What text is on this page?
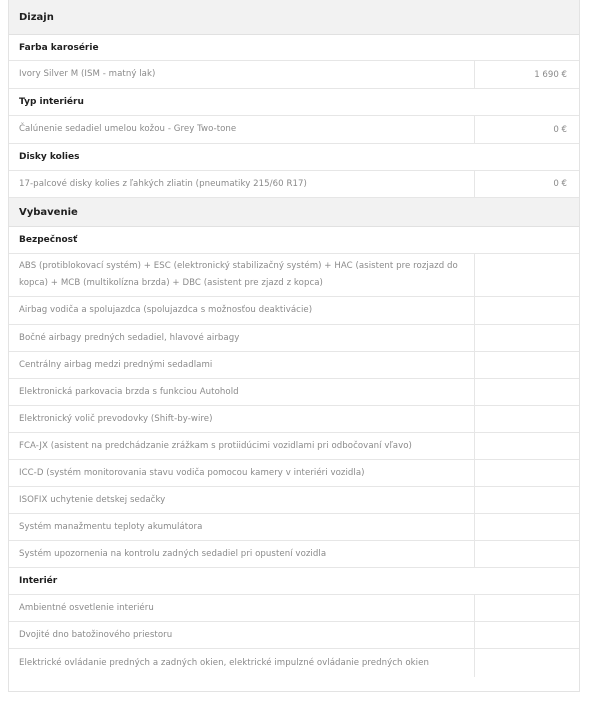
Dizajn
Farba karosérie
Ivory Silver M (ISM - matný lak)	1 690 €
Typ interiéru
Čalúnenie sedadiel umelou kožou - Grey Two-tone	0 €
Disky kolies
17-palcové disky kolies z ľahkých zliatin (pneumatiky 215/60 R17)	0 €
Vybavenie
Bezpečnosť
ABS (protiblokovací systém) + ESC (elektronický stabilizačný systém) + HAC (asistent pre rozjazd do kopca) + MCB (multikolízna brzda) + DBC (asistent pre zjazd z kopca)
Airbag vodiča a spolujazdca (spolujazdca s možnosťou deaktivácie)
Bočné airbagy predných sedadiel, hlavové airbagy
Centrálny airbag medzi prednými sedadlami
Elektronická parkovacia brzda s funkciou Autohold
Elektronický volič prevodovky (Shift-by-wire)
FCA-JX (asistent na predchádzanie zrážkam s protiidúcimi vozidlami pri odbočovaní vľavo)
ICC-D (systém monitorovania stavu vodiča pomocou kamery v interiéri vozidla)
ISOFIX uchytenie detskej sedačky
Systém manažmentu teploty akumulátora
Systém upozornenia na kontrolu zadných sedadiel pri opustení vozidla
Interiér
Ambientné osvetlenie interiéru
Dvojité dno batožinového priestoru
Elektrické ovládanie predných a zadných okien, elektrické impulzné ovládanie predných okien
